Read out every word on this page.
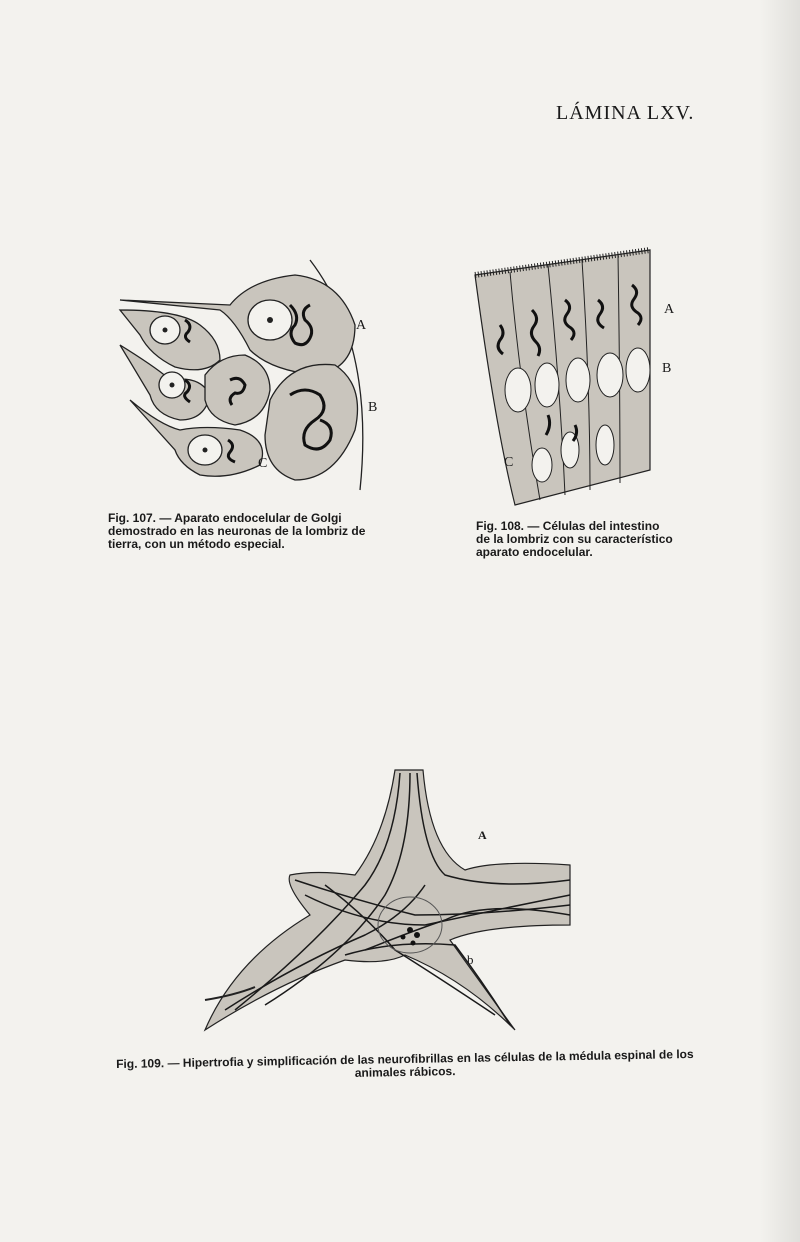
LÁMINA LXV.
A
B
C
Fig. 107. — Aparato endocelular de Golgi demostrado en las neuronas de la lombriz de tierra, con un método especial.
A
B
C
Fig. 108. — Células del intestino de la lombriz con su característico aparato endocelular.
A
b
Fig. 109. — Hipertrofia y simplificación de las neurofibrillas en las células de la médula espinal de los animales rábicos.
